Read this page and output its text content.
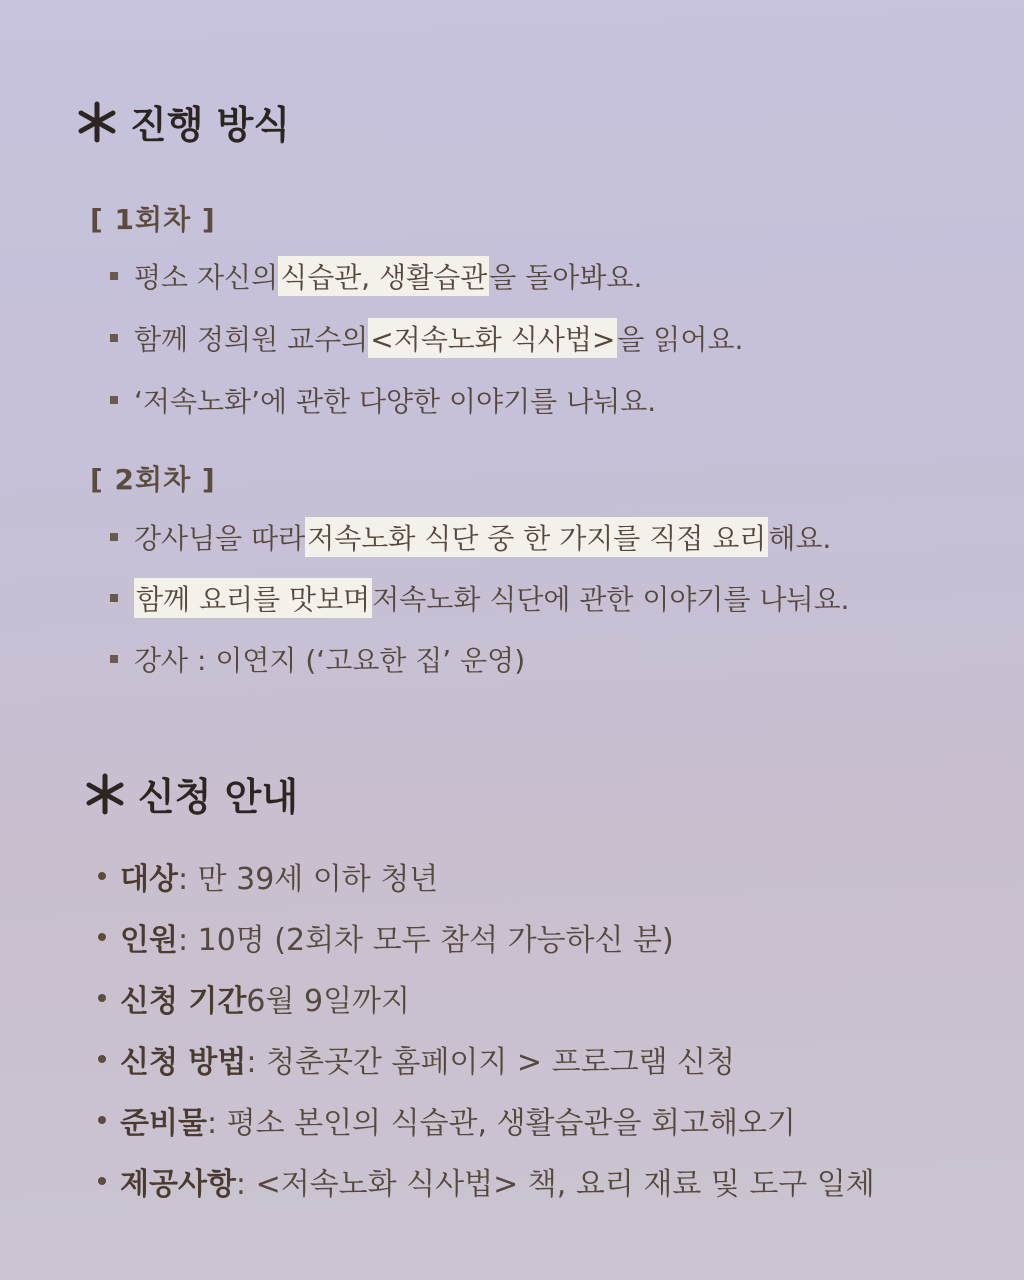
진행 방식
[ 1회차 ]
평소 자신의 식습관, 생활습관 을 돌아봐요.
함께 정희원 교수의 <저속노화 식사법> 을 읽어요.
‘저속노화’에 관한 다양한 이야기를 나눠요.
[ 2회차 ]
강사님을 따라 저속노화 식단 중 한 가지를 직접 요리 해요.
함께 요리를 맛보며 저속노화 식단에 관한 이야기를 나눠요.
강사 : 이연지 (‘고요한 집’ 운영)
신청 안내
대상 : 만 39세 이하 청년
인원 : 10명 (2회차 모두 참석 가능하신 분)
신청 기간 6월 9일까지
신청 방법 : 청춘곳간 홈페이지 > 프로그램 신청
준비물 : 평소 본인의 식습관, 생활습관을 회고해오기
제공사항 : <저속노화 식사법> 책, 요리 재료 및 도구 일체
